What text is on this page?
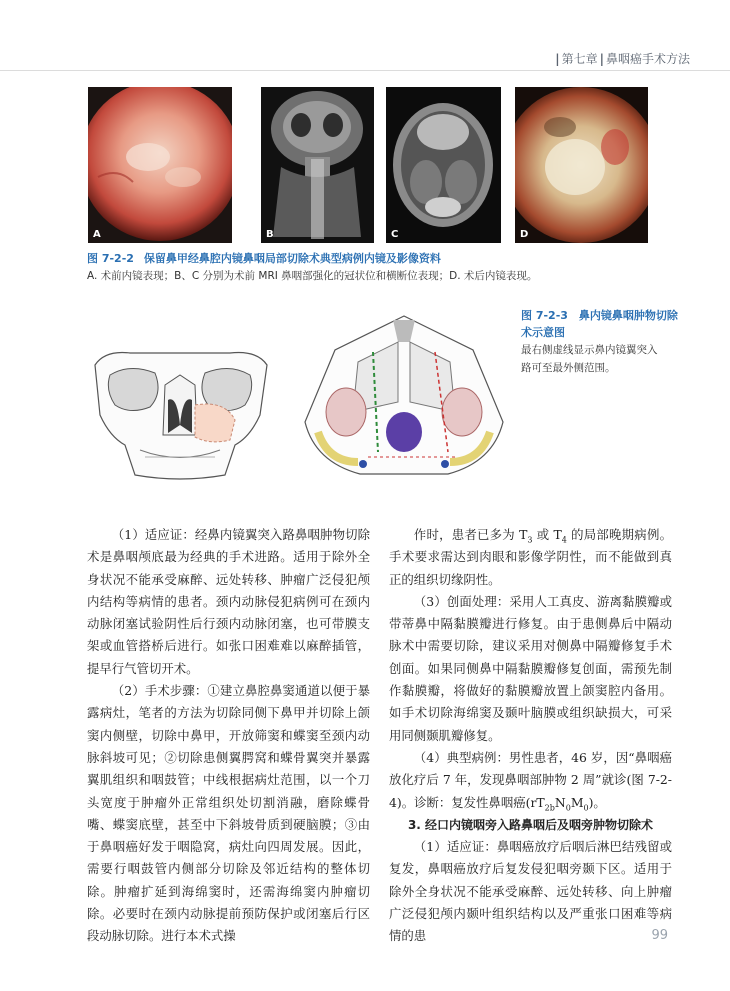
| 第七章 | 鼻咽癌手术方法
A	B	C	D
图 7-2-2 保留鼻甲经鼻腔内镜鼻咽局部切除术典型病例内镜及影像资料
A. 术前内镜表现；B、C 分别为术前 MRI 鼻咽部强化的冠状位和横断位表现；D. 术后内镜表现。
图 7-2-3　鼻内镜鼻咽肿物切除
术示意图
最右侧虚线显示鼻内镜翼突入
路可至最外侧范围。

（1）适应证：经鼻内镜翼突入路鼻咽肿物切除术是鼻咽颅底最为经典的手术进路。适用于除外全身状况不能承受麻醉、远处转移、肿瘤广泛侵犯颅内结构等病情的患者。颈内动脉侵犯病例可在颈内动脉闭塞试验阴性后行颈内动脉闭塞，也可带膜支架或血管搭桥后进行。如张口困难难以麻醉插管，提早行气管切开术。

（2）手术步骤：①建立鼻腔鼻窦通道以便于暴露病灶，笔者的方法为切除同侧下鼻甲并切除上颌窦内侧壁，切除中鼻甲，开放筛窦和蝶窦至颈内动脉斜坡可见；②切除患侧翼腭窝和蝶骨翼突并暴露翼肌组织和咽鼓管；中线根据病灶范围，以一个刀头宽度于肿瘤外正常组织处切割消融，磨除蝶骨嘴、蝶窦底壁，甚至中下斜坡骨质到硬脑膜；③由于鼻咽癌好发于咽隐窝，病灶向四周发展。因此，需要行咽鼓管内侧部分切除及邻近结构的整体切除。肿瘤扩延到海绵窦时，还需海绵窦内肿瘤切除。必要时在颈内动脉提前预防保护或闭塞后行区段动脉切除。进行本术式操

作时，患者已多为 $T_3$ 或 $T_4$ 的局部晚期病例。手术要求需达到肉眼和影像学阴性，而不能做到真正的组织切缘阴性。

（3）创面处理：采用人工真皮、游离黏膜瓣或带蒂鼻中隔黏膜瓣进行修复。由于患侧鼻后中隔动脉术中需要切除，建议采用对侧鼻中隔瓣修复手术创面。如果同侧鼻中隔黏膜瓣修复创面，需预先制作黏膜瓣，将做好的黏膜瓣放置上颌窦腔内备用。如手术切除海绵窦及颞叶脑膜或组织缺损大，可采用同侧颞肌瓣修复。

（4）典型病例：男性患者，46 岁，因“鼻咽癌放化疗后 7 年，发现鼻咽部肿物 2 周”就诊(图 7-2-4)。诊断：复发性鼻咽癌$(rT_{2b}N_0M_0)$。

3. 经口内镜咽旁入路鼻咽后及咽旁肿物切除术

（1）适应证：鼻咽癌放疗后咽后淋巴结残留或复发，鼻咽癌放疗后复发侵犯咽旁颞下区。适用于除外全身状况不能承受麻醉、远处转移、向上肿瘤广泛侵犯颅内颞叶组织结构以及严重张口困难等病情的患	99
